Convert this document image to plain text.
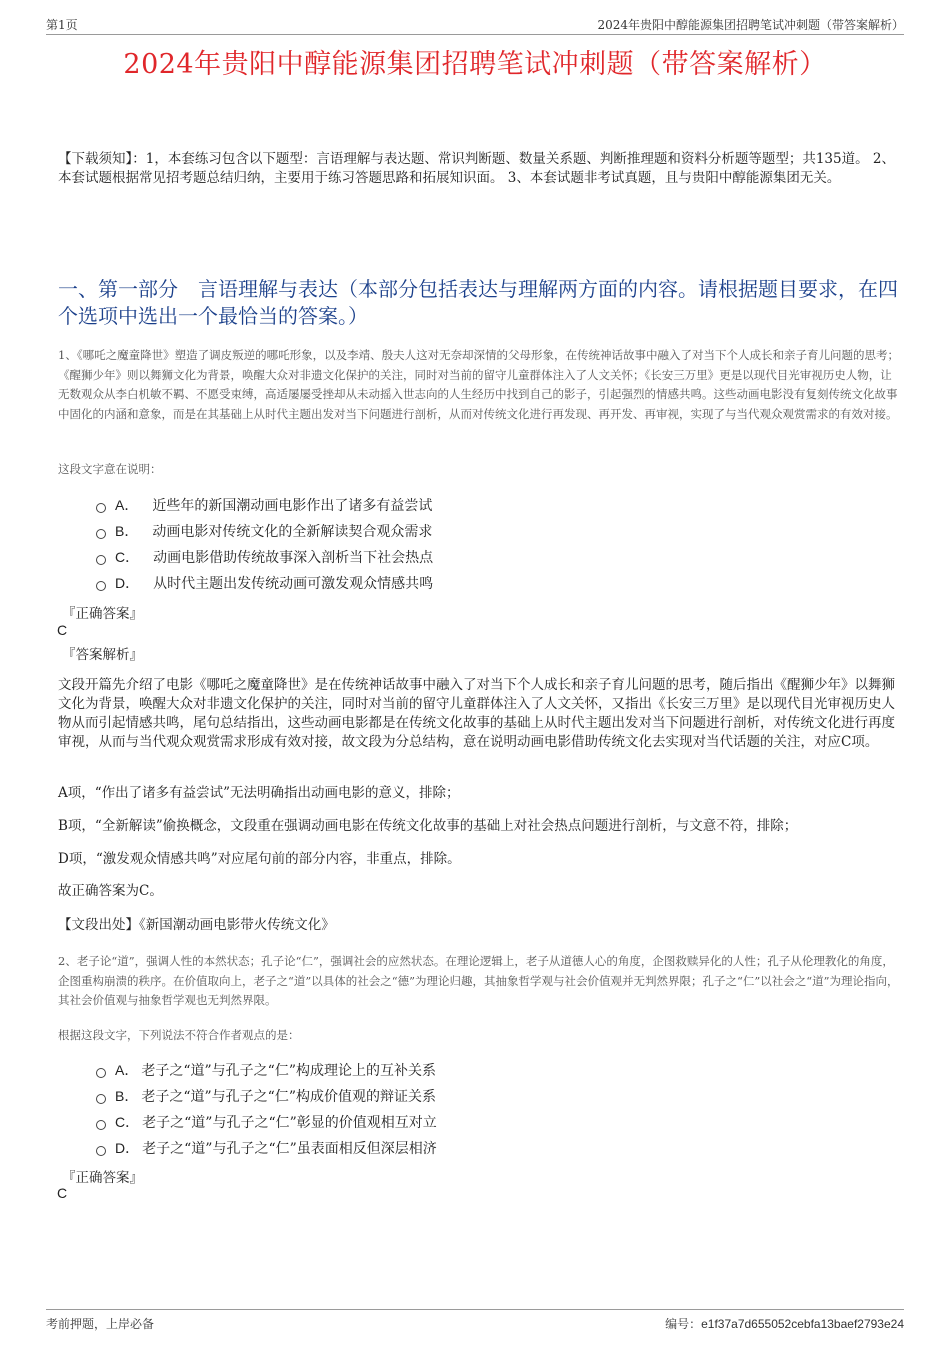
第1页	2024年贵阳中醇能源集团招聘笔试冲刺题（带答案解析）
2024年贵阳中醇能源集团招聘笔试冲刺题（带答案解析）
【下载须知】：1，本套练习包含以下题型：言语理解与表达题、常识判断题、数量关系题、判断推理题和资料分析题等题型；共135道。 2、本套试题根据常见招考题总结归纳，主要用于练习答题思路和拓展知识面。 3、本套试题非考试真题，且与贵阳中醇能源集团无关。
一、第一部分　言语理解与表达（本部分包括表达与理解两方面的内容。请根据题目要求，在四个选项中选出一个最恰当的答案。）
1、《哪吒之魔童降世》塑造了调皮叛逆的哪吒形象，以及李靖、殷夫人这对无奈却深情的父母形象，在传统神话故事中融入了对当下个人成长和亲子育儿问题的思考；《醒狮少年》则以舞狮文化为背景，唤醒大众对非遗文化保护的关注，同时对当前的留守儿童群体注入了人文关怀；《长安三万里》更是以现代目光审视历史人物，让无数观众从李白机敏不羁、不愿受束缚，高适屡屡受挫却从未动摇入世志向的人生经历中找到自己的影子，引起强烈的情感共鸣。这些动画电影没有复刻传统文化故事中固化的内涵和意象，而是在其基础上从时代主题出发对当下问题进行剖析，从而对传统文化进行再发现、再开发、再审视，实现了与当代观众观赏需求的有效对接。
这段文字意在说明：
A． 近些年的新国潮动画电影作出了诸多有益尝试
B． 动画电影对传统文化的全新解读契合观众需求
C． 动画电影借助传统故事深入剖析当下社会热点
D． 从时代主题出发传统动画可激发观众情感共鸣
『正确答案』
C
『答案解析』
文段开篇先介绍了电影《哪吒之魔童降世》是在传统神话故事中融入了对当下个人成长和亲子育儿问题的思考，随后指出《醒狮少年》以舞狮文化为背景，唤醒大众对非遗文化保护的关注，同时对当前的留守儿童群体注入了人文关怀，又指出《长安三万里》是以现代目光审视历史人物从而引起情感共鸣，尾句总结指出，这些动画电影都是在传统文化故事的基础上从时代主题出发对当下问题进行剖析，对传统文化进行再度审视，从而与当代观众观赏需求形成有效对接，故文段为分总结构，意在说明动画电影借助传统文化去实现对当代话题的关注，对应C项。
A项，“作出了诸多有益尝试”无法明确指出动画电影的意义，排除；
B项，“全新解读”偷换概念，文段重在强调动画电影在传统文化故事的基础上对社会热点问题进行剖析，与文意不符，排除；
D项，“激发观众情感共鸣”对应尾句前的部分内容，非重点，排除。
故正确答案为C。
【文段出处】《新国潮动画电影带火传统文化》
2、老子论“道”，强调人性的本然状态；孔子论“仁”，强调社会的应然状态。在理论逻辑上，老子从道德人心的角度，企图救赎异化的人性；孔子从伦理教化的角度，企图重构崩溃的秩序。在价值取向上，老子之“道”以具体的社会之“德”为理论归趣，其抽象哲学观与社会价值观并无判然界限；孔子之“仁”以社会之“道”为理论指向，其社会价值观与抽象哲学观也无判然界限。
根据这段文字，下列说法不符合作者观点的是：
A． 老子之“道”与孔子之“仁”构成理论上的互补关系
B． 老子之“道”与孔子之“仁”构成价值观的辩证关系
C． 老子之“道”与孔子之“仁”彰显的价值观相互对立
D． 老子之“道”与孔子之“仁”虽表面相反但深层相济
『正确答案』
C
考前押题，上岸必备	编号：e1f37a7d655052cebfa13baef2793e24
